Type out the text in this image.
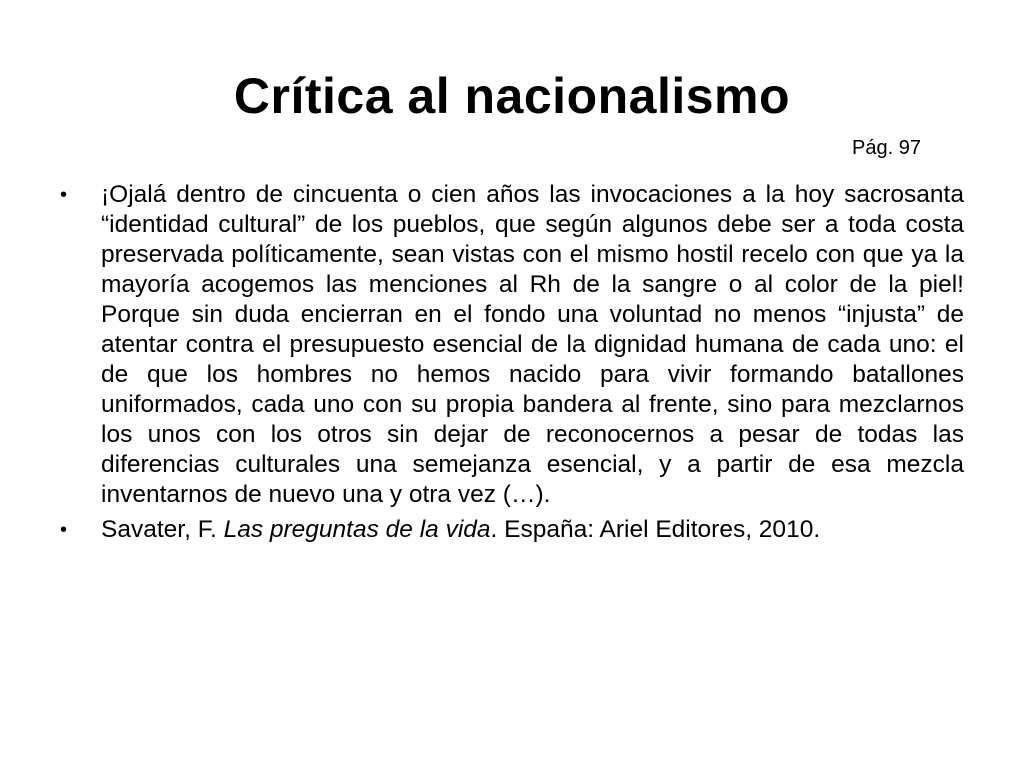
Crítica al nacionalismo
Pág. 97
•	¡Ojalá dentro de cincuenta o cien años las invocaciones a la hoy sacrosanta “identidad cultural” de los pueblos, que según algunos debe ser a toda costa preservada políticamente, sean vistas con el mismo hostil recelo con que ya la mayoría acogemos las menciones al Rh de la sangre o al color de la piel! Porque sin duda encierran en el fondo una voluntad no menos “injusta” de atentar contra el presupuesto esencial de la dignidad humana de cada uno: el de que los hombres no hemos nacido para vivir formando batallones uniformados, cada uno con su propia bandera al frente, sino para mezclarnos los unos con los otros sin dejar de reconocernos a pesar de todas las diferencias culturales una semejanza esencial, y a partir de esa mezcla inventarnos de nuevo una y otra vez (…).
•	Savater, F. Las preguntas de la vida. España: Ariel Editores, 2010.
